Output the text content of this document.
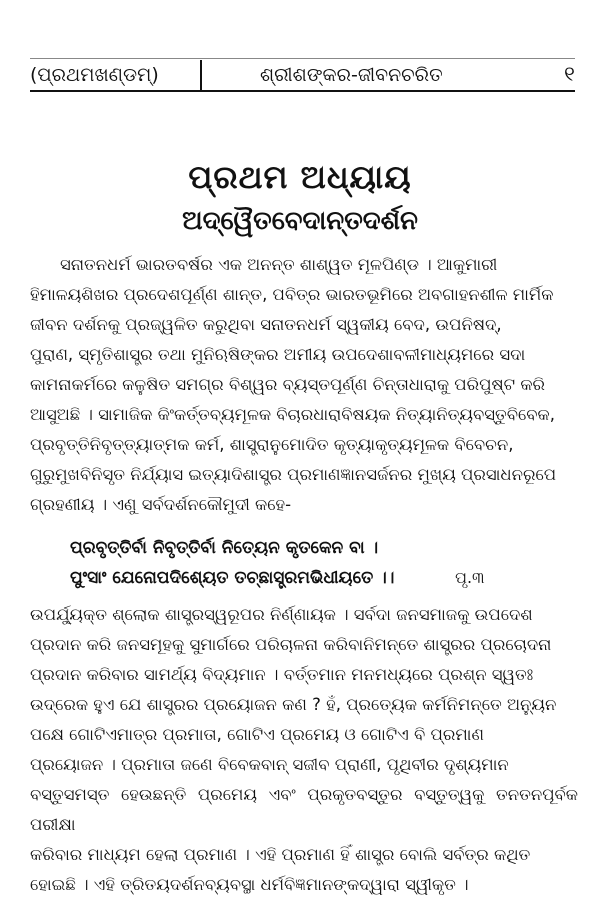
(ପ୍ରଥମଖଣ୍ଡମ୍)	ଶ୍ରୀଶଙ୍କର-ଜୀବନଚରିତ	୧
ପ୍ରଥମ ଅଧ୍ୟାୟ
ଅଦ୍ୱୈତବେଦାନ୍ତଦର୍ଶନ

ସନାତନଧର୍ମ ଭାରତବର୍ଷର ଏକ ଅନନ୍ତ ଶାଶ୍ୱତ ମୂଳପିଣ୍ଡ । ଆକୁମାରୀ

ହିମାଳୟଶିଖର ପ୍ରଦେଶପୂର୍ଣ୍ଣ ଶାନ୍ତ, ପବିତ୍ର ଭାରତଭୂମିରେ ଅବଗାହନଶୀଳ ମାର୍ମିକ

ଜୀବନ ଦର୍ଶନକୁ ପ୍ରଜ୍ୱଳିତ କରୁଥିବା ସନାତନଧର୍ମ ସ୍ୱକୀୟ ବେଦ, ଉପନିଷଦ୍,

ପୁରାଣ, ସ୍ମୃତିଶାସ୍ତ୍ର ତଥା ମୁନିଋଷିଙ୍କର ଅମୀୟ ଉପଦେଶାବଳୀମାଧ୍ୟମରେ ସଦା

କାମନାକର୍ମରେ କଳୁଷିତ ସମଗ୍ର ବିଶ୍ୱର ବ୍ୟସ୍ତପୂର୍ଣ୍ଣ ଚିନ୍ତାଧାରାକୁ ପରିପୁଷ୍ଟ କରି

ଆସୁଅଛି । ସାମାଜିକ କିଂକର୍ତ୍ତବ୍ୟମୂଳକ ବିଚାରଧାରାବିଷୟକ ନିତ୍ୟାନିତ୍ୟବସ୍ତୁବିବେକ,

ପ୍ରବୃତ୍ତିନିବୃତ୍ତ୍ୟାତ୍ମକ କର୍ମ, ଶାସ୍ତ୍ରାନୁମୋଦିତ କୃତ୍ୟାକୃତ୍ୟମୂଳକ ବିବେଚନ,

ଗୁରୁମୁଖବିନିସୃତ ନିର୍ଯ୍ୟାସ ଇତ୍ୟାଦିଶାସ୍ତ୍ର ପ୍ରମାଣଜ୍ଞାନସର୍ଜନର ମୁଖ୍ୟ ପ୍ରସାଧନରୂପେ

ଗ୍ରହଣୀୟ । ଏଣୁ ସର୍ବଦର୍ଶନକୌମୁଦୀ କହେ-

ପ୍ରବୃତ୍ତିର୍ବା ନିବୃତ୍ତିର୍ବା ନିତ୍ୟେନ କୃତକେନ ବା ।
ପୁଂସାଂ ଯେନୋପଦିଶ୍ୟେତ ତଚ୍ଛାସ୍ତ୍ରମଭିଧୀୟତେ ।।	ପୃ.୩

ଉପର୍ଯ୍ୟୁକ୍ତ ଶ୍ଲୋକ ଶାସ୍ତ୍ରସ୍ୱରୂପର ନିର୍ଣ୍ଣାୟକ । ସର୍ବଦା ଜନସମାଜକୁ ଉପଦେଶ

ପ୍ରଦାନ କରି ଜନସମୂହକୁ ସୁମାର୍ଗରେ ପରିଚାଳନା କରିବାନିମନ୍ତେ ଶାସ୍ତ୍ରର ପ୍ରଚୋଦନା

ପ୍ରଦାନ କରିବାର ସାମର୍ଥ୍ୟ ବିଦ୍ୟମାନ । ବର୍ତ୍ତମାନ ମନମଧ୍ୟରେ ପ୍ରଶ୍ନ ସ୍ୱତଃ

ଉଦ୍ରେକ ହୁଏ ଯେ ଶାସ୍ତ୍ରର ପ୍ରୟୋଜନ କଣ ? ହଁ, ପ୍ରତ୍ୟେକ କର୍ମନିମନ୍ତେ ଅନ୍ୟୁନ

ପକ୍ଷେ ଗୋଟିଏମାତ୍ର ପ୍ରମାତା, ଗୋଟିଏ ପ୍ରମେୟ ଓ ଗୋଟିଏ ବି ପ୍ରମାଣ

ପ୍ରୟୋଜନ । ପ୍ରମାତା ଜଣେ ବିବେକବାନ୍ ସଜୀବ ପ୍ରାଣୀ, ପୃଥିବୀର ଦୃଶ୍ୟମାନ

ବସ୍ତୁସମସ୍ତ ହେଉଛନ୍ତି ପ୍ରମେୟ ଏବଂ ପ୍ରକୃତବସ୍ତୁର ବସ୍ତୁତ୍ୱକୁ ତନତନପୂର୍ବକ ପରୀକ୍ଷା

କରିବାର ମାଧ୍ୟମ ହେଲା ପ୍ରମାଣ । ଏହି ପ୍ରମାଣ ହିଁ ଶାସ୍ତ୍ର ବୋଲି ସର୍ବତ୍ର କଥିତ

ହୋଇଛି । ଏହି ତ୍ରିତୟଦର୍ଶନବ୍ୟବସ୍ଥା ଧର୍ମବିଜ୍ଞମାନଙ୍କଦ୍ୱାରା ସ୍ୱୀକୃତ ।
